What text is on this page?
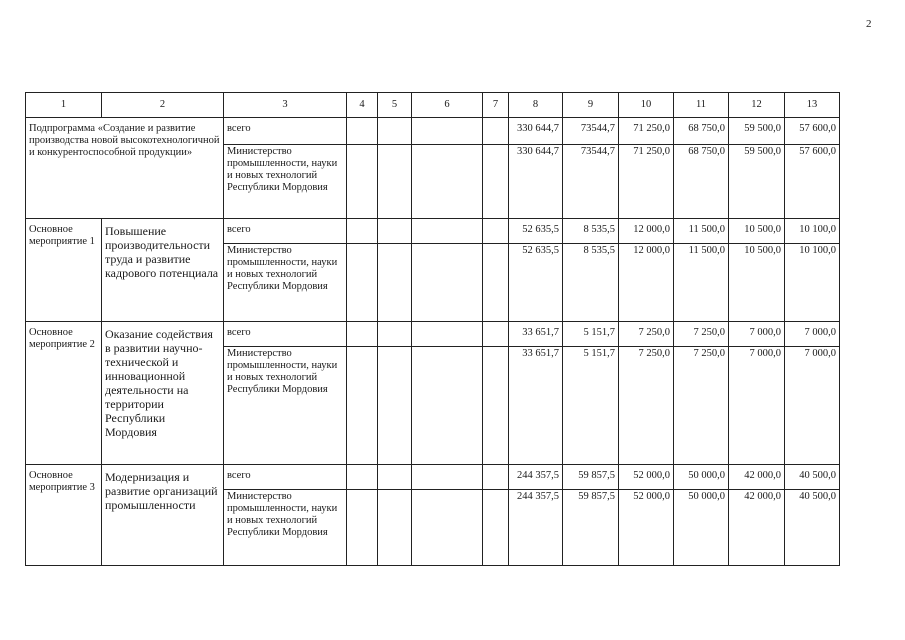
2
1	2	3	4	5	6	7	8	9	10	11	12	13
Подпрограмма «Создание и развитие производства новой высокотехнологичной и конкурентоспособной продукции»		всего					330 644,7	73544,7	71 250,0	68 750,0	59 500,0	57 600,0
		Министерство промышленности, науки и новых технологий Республики Мордовия					330 644,7	73544,7	71 250,0	68 750,0	59 500,0	57 600,0
Основное мероприятие 1	Повышение производительности труда и развитие кадрового потенциала	всего					52 635,5	8 535,5	12 000,0	11 500,0	10 500,0	10 100,0
		Министерство промышленности, науки и новых технологий Республики Мордовия					52 635,5	8 535,5	12 000,0	11 500,0	10 500,0	10 100,0
Основное мероприятие 2	Оказание содействия в развитии научно-технической и инновационной деятельности на территории Республики Мордовия	всего					33 651,7	5 151,7	7 250,0	7 250,0	7 000,0	7 000,0
		Министерство промышленности, науки и новых технологий Республики Мордовия					33 651,7	5 151,7	7 250,0	7 250,0	7 000,0	7 000,0
Основное мероприятие 3	Модернизация и развитие организаций промышленности	всего					244 357,5	59 857,5	52 000,0	50 000,0	42 000,0	40 500,0
		Министерство промышленности, науки и новых технологий Республики Мордовия					244 357,5	59 857,5	52 000,0	50 000,0	42 000,0	40 500,0
